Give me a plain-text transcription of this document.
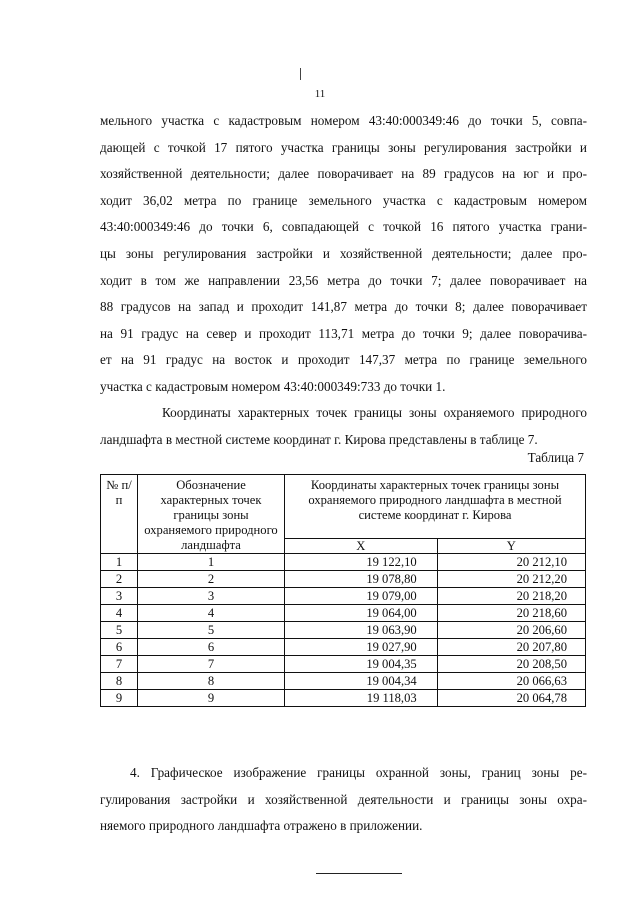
11
мельного участка с кадастровым номером 43:40:000349:46 до точки 5, совпа-
дающей с точкой 17 пятого участка границы зоны регулирования застройки и
хозяйственной деятельности; далее поворачивает на 89 градусов на юг и про-
ходит 36,02 метра по границе земельного участка с кадастровым номером
43:40:000349:46 до точки 6, совпадающей с точкой 16 пятого участка грани-
цы зоны регулирования застройки и хозяйственной деятельности; далее про-
ходит в том же направлении 23,56 метра до точки 7; далее поворачивает на
88 градусов на запад и проходит 141,87 метра до точки 8; далее поворачивает
на 91 градус на север и проходит 113,71 метра до точки 9; далее поворачива-
ет на 91 градус на восток и проходит 147,37 метра по границе земельного
участка с кадастровым номером 43:40:000349:733 до точки 1.
Координаты характерных точек границы зоны охраняемого природного
ландшафта в местной системе координат г. Кирова представлены в таблице 7.
Таблица 7
№ п/п	Обозначение характерных точек границы зоны охраняемого природного ландшафта	Координаты характерных точек границы зоны охраняемого природного ландшафта в местной системе координат г. Кирова	
		X	Y
1	1	19 122,10	20 212,10
2	2	19 078,80	20 212,20
3	3	19 079,00	20 218,20
4	4	19 064,00	20 218,60
5	5	19 063,90	20 206,60
6	6	19 027,90	20 207,80
7	7	19 004,35	20 208,50
8	8	19 004,34	20 066,63
9	9	19 118,03	20 064,78
4. Графическое изображение границы охранной зоны, границ зоны ре-
гулирования застройки и хозяйственной деятельности и границы зоны охра-
няемого природного ландшафта отражено в приложении.
